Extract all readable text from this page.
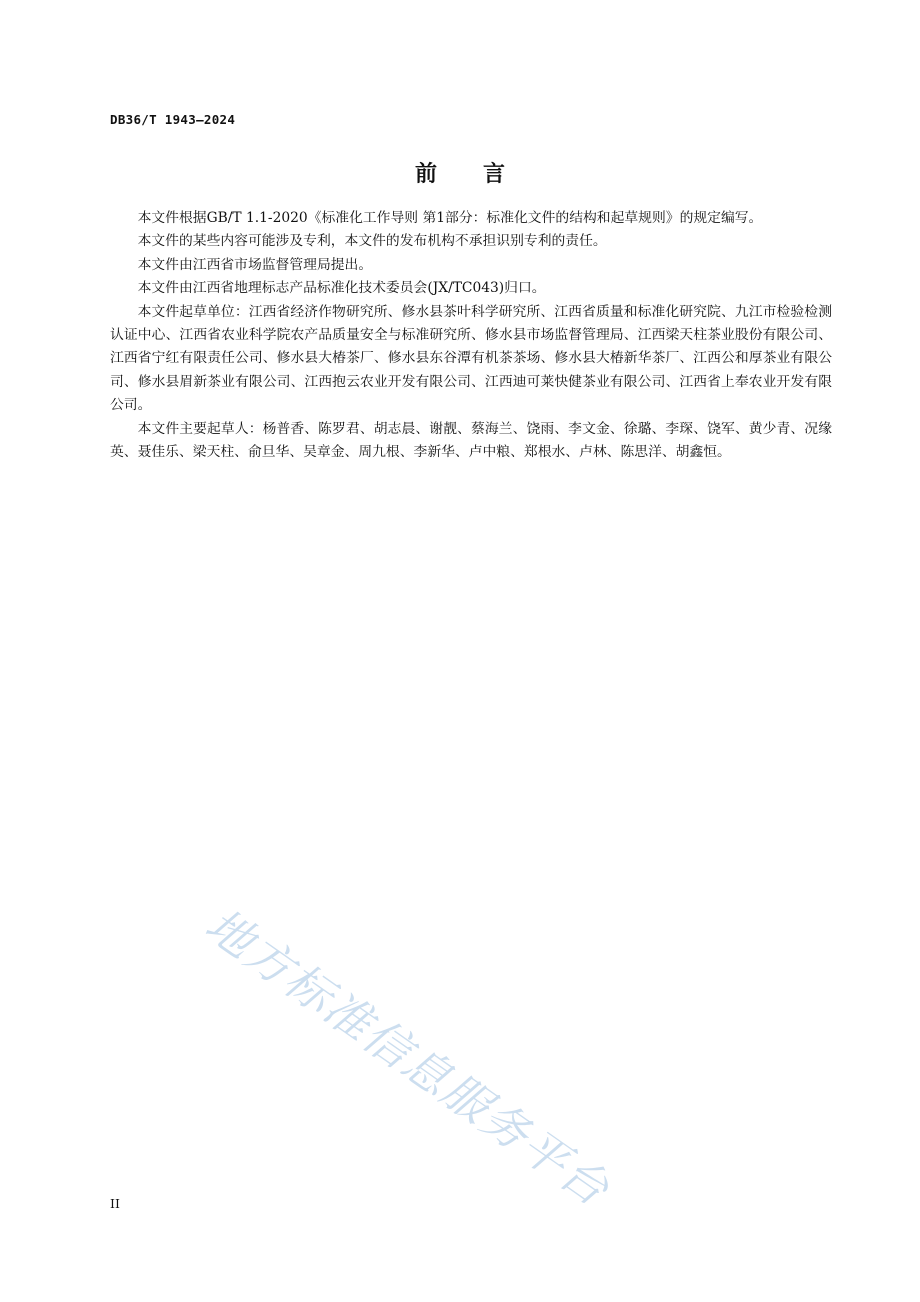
DB36/T 1943—2024
前 言

本文件根据GB/T 1.1-2020《标准化工作导则 第1部分：标准化文件的结构和起草规则》的规定编写。

本文件的某些内容可能涉及专利，本文件的发布机构不承担识别专利的责任。

本文件由江西省市场监督管理局提出。

本文件由江西省地理标志产品标准化技术委员会(JX/TC043)归口。

本文件起草单位：江西省经济作物研究所、修水县茶叶科学研究所、江西省质量和标准化研究院、九江市检验检测认证中心、江西省农业科学院农产品质量安全与标准研究所、修水县市场监督管理局、江西梁天柱茶业股份有限公司、江西省宁红有限责任公司、修水县大椿茶厂、修水县东谷潭有机茶茶场、修水县大椿新华茶厂、江西公和厚茶业有限公司、修水县眉新茶业有限公司、江西抱云农业开发有限公司、江西迪可莱快健茶业有限公司、江西省上奉农业开发有限公司。

本文件主要起草人：杨普香、陈罗君、胡志晨、谢靓、蔡海兰、饶雨、李文金、徐璐、李琛、饶军、黄少青、况缘英、聂佳乐、梁天柱、俞旦华、吴章金、周九根、李新华、卢中粮、郑根水、卢林、陈思洋、胡鑫恒。

地方标准信息服务平台
II
